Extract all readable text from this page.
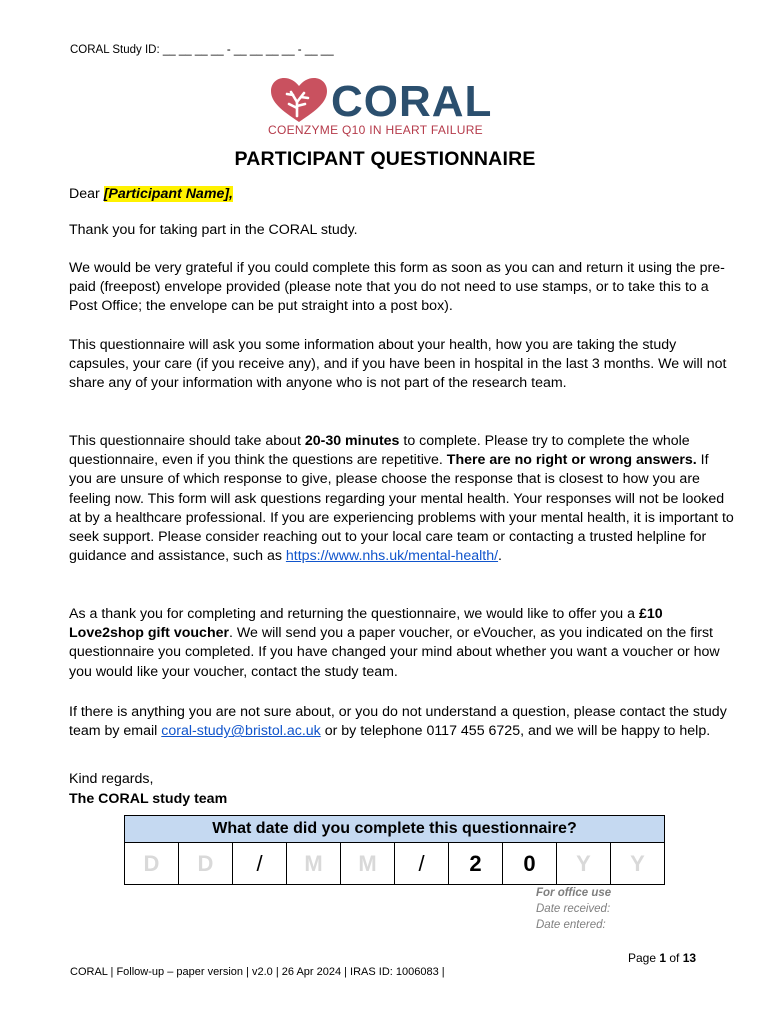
CORAL Study ID: __ __ __ __ - __ __ __ __ - __ __
CORAL
COENZYME Q10 IN HEART FAILURE
PARTICIPANT QUESTIONNAIRE
Dear [Participant Name],
Thank you for taking part in the CORAL study.
We would be very grateful if you could complete this form as soon as you can and return it using the pre-paid (freepost) envelope provided (please note that you do not need to use stamps, or to take this to a Post Office; the envelope can be put straight into a post box).
This questionnaire will ask you some information about your health, how you are taking the study capsules, your care (if you receive any), and if you have been in hospital in the last 3 months. We will not share any of your information with anyone who is not part of the research team.
This questionnaire should take about 20-30 minutes to complete. Please try to complete the whole questionnaire, even if you think the questions are repetitive. There are no right or wrong answers. If you are unsure of which response to give, please choose the response that is closest to how you are feeling now. This form will ask questions regarding your mental health. Your responses will not be looked at by a healthcare professional. If you are experiencing problems with your mental health, it is important to seek support. Please consider reaching out to your local care team or contacting a trusted helpline for guidance and assistance, such as https://www.nhs.uk/mental-health/.
As a thank you for completing and returning the questionnaire, we would like to offer you a £10 Love2shop gift voucher. We will send you a paper voucher, or eVoucher, as you indicated on the first questionnaire you completed. If you have changed your mind about whether you want a voucher or how you would like your voucher, contact the study team.
If there is anything you are not sure about, or you do not understand a question, please contact the study team by email coral-study@bristol.ac.uk or by telephone 0117 455 6725, and we will be happy to help.
Kind regards,
The CORAL study team
What date did you complete this questionnaire?
D	D	/	M	M	/	2	0	Y	Y
For office use
Date received:
Date entered:
Page 1 of 13
CORAL | Follow-up – paper version | v2.0 | 26 Apr 2024 | IRAS ID: 1006083 |
